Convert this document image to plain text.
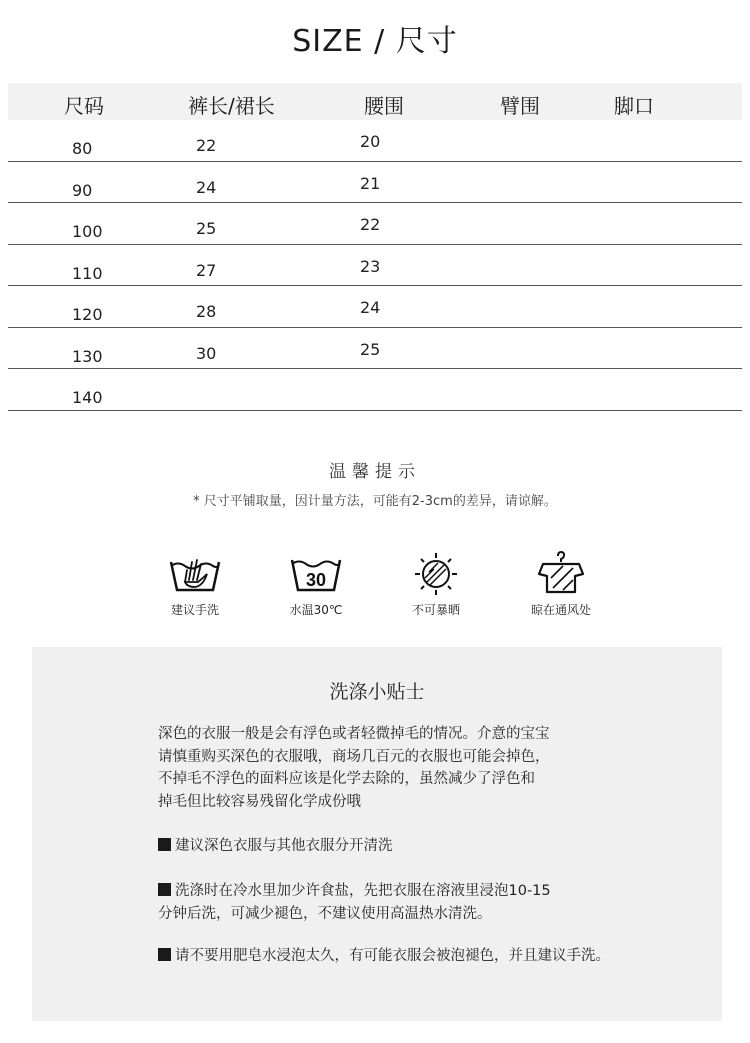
SIZE / 尺寸
尺码	裤长/裙长	腰围	臂围	脚口
80	22	20
90	24	21
100	25	22
110	27	23
120	28	24
130	30	25
140
温馨提示
* 尺寸平铺取量，因计量方法，可能有2-3cm的差异，请谅解。
建议手洗
30
水温30℃	不可暴晒	晾在通风处
洗涤小贴士
深色的衣服一般是会有浮色或者轻微掉毛的情况。介意的宝宝
请慎重购买深色的衣服哦，商场几百元的衣服也可能会掉色，
不掉毛不浮色的面料应该是化学去除的，虽然减少了浮色和
掉毛但比较容易残留化学成份哦
建议深色衣服与其他衣服分开清洗
洗涤时在冷水里加少许食盐，先把衣服在溶液里浸泡10-15
分钟后洗，可减少褪色，不建议使用高温热水清洗。
请不要用肥皂水浸泡太久，有可能衣服会被泡褪色，并且建议手洗。
